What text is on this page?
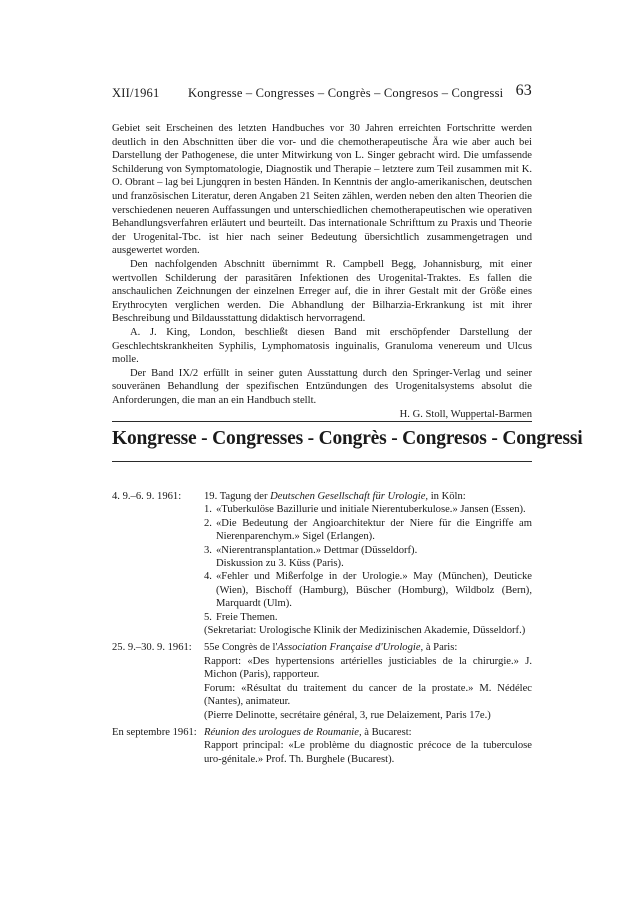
XII/1961 Kongresse – Congresses – Congrès – Congresos – Congressi 63

Gebiet seit Erscheinen des letzten Handbuches vor 30 Jahren erreichten Fortschritte werden deutlich in den Abschnitten über die vor- und die chemotherapeutische Ära wie aber auch bei Darstellung der Pathogenese, die unter Mitwirkung von L. Singer gebracht wird. Die umfassende Schilderung von Symptomatologie, Diagnostik und Therapie – letztere zum Teil zusammen mit K. O. Obrant – lag bei Ljungqren in besten Händen. In Kenntnis der anglo-amerikanischen, deutschen und französischen Literatur, deren Angaben 21 Seiten zählen, werden neben den alten Theorien die verschiedenen neueren Auffassungen und unterschiedlichen chemotherapeutischen wie operativen Behandlungsverfahren erläutert und beurteilt. Das internationale Schrifttum zu Praxis und Theorie der Urogenital-Tbc. ist hier nach seiner Bedeutung übersichtlich zusammengetragen und ausgewertet worden.

Den nachfolgenden Abschnitt übernimmt R. Campbell Begg, Johannisburg, mit einer wertvollen Schilderung der parasitären Infektionen des Urogenital-Traktes. Es fallen die anschaulichen Zeichnungen der einzelnen Erreger auf, die in ihrer Gestalt mit der Größe eines Erythrocyten verglichen werden. Die Abhandlung der Bilharzia-Erkrankung ist mit ihrer Beschreibung und Bildausstattung didaktisch hervorragend.

A. J. King, London, beschließt diesen Band mit erschöpfender Darstellung der Geschlechtskrankheiten Syphilis, Lymphomatosis inguinalis, Granuloma venereum und Ulcus molle.

Der Band IX/2 erfüllt in seiner guten Ausstattung durch den Springer-Verlag und seiner souveränen Behandlung der spezifischen Entzündungen des Urogenitalsystems absolut die Anforderungen, die man an ein Handbuch stellt.

H. G. Stoll, Wuppertal-Barmen

Kongresse - Congresses - Congrès - Congresos - Congressi
4. 9.–6. 9. 1961: 19. Tagung der Deutschen Gesellschaft für Urologie, in Köln:
1. «Tuberkulöse Bazillurie und initiale Nierentuberkulose.» Jansen (Essen).
2. «Die Bedeutung der Angioarchitektur der Niere für die Eingriffe am Nierenparenchym.» Sigel (Erlangen).
3. «Nierentransplantation.» Dettmar (Düsseldorf).
Diskussion zu 3. Küss (Paris).
4. «Fehler und Mißerfolge in der Urologie.» May (München), Deuticke (Wien), Bischoff (Hamburg), Büscher (Homburg), Wildbolz (Bern), Marquardt (Ulm).
5. Freie Themen.
(Sekretariat: Urologische Klinik der Medizinischen Akademie, Düsseldorf.)
25. 9.–30. 9. 1961: 55e Congrès de l'Association Française d'Urologie, à Paris:
Rapport: «Des hypertensions artérielles justiciables de la chirurgie.» J. Michon (Paris), rapporteur.
Forum: «Résultat du traitement du cancer de la prostate.» M. Nédélec (Nantes), animateur.
(Pierre Delinotte, secrétaire général, 3, rue Delaizement, Paris 17e.)
En septembre 1961: Réunion des urologues de Roumanie, à Bucarest:
Rapport principal: «Le problème du diagnostic précoce de la tuberculose uro-génitale.» Prof. Th. Burghele (Bucarest).
